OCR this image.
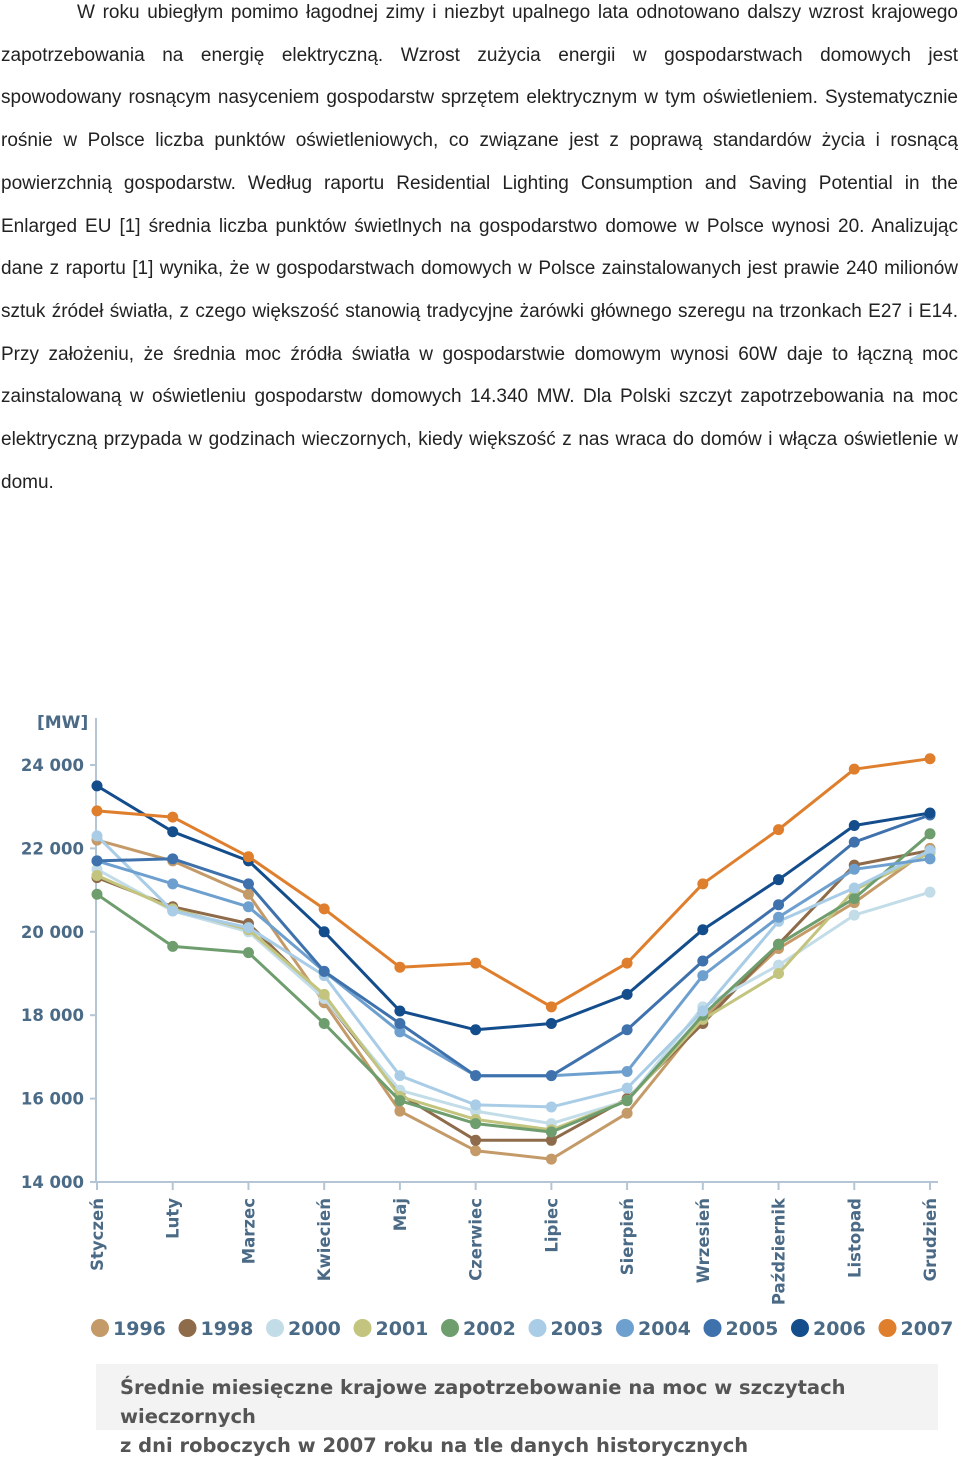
W roku ubiegłym pomimo łagodnej zimy i niezbyt upalnego lata odnotowano dalszy wzrost krajowego zapotrzebowania na energię elektryczną. Wzrost zużycia energii w gospodarstwach domowych jest spowodowany rosnącym nasyceniem gospodarstw sprzętem elektrycznym w tym oświetleniem. Systematycznie rośnie w Polsce liczba punktów oświetleniowych, co związane jest z poprawą standardów życia i rosnącą powierzchnią gospodarstw. Według raportu Residential Lighting Consumption and Saving Potential in the Enlarged EU [1] średnia liczba punktów świetlnych na gospodarstwo domowe w Polsce wynosi 20. Analizując dane z raportu [1] wynika, że w gospodarstwach domowych w Polsce zainstalowanych jest prawie 240 milionów sztuk źródeł światła, z czego większość stanowią tradycyjne żarówki głównego szeregu na trzonkach E27 i E14. Przy założeniu, że średnia moc źródła światła w gospodarstwie domowym wynosi 60W daje to łączną moc zainstalowaną w oświetleniu gospodarstw domowych 14.340 MW. Dla Polski szczyt zapotrzebowania na moc elektryczną przypada w godzinach wieczornych, kiedy większość z nas wraca do domów i włącza oświetlenie w domu.

[MW]
14 000
16 000
18 000
20 000
22 000
24 000
Styczeń	Luty	Marzec	Kwiecień	Maj	Czerwiec	Lipiec	Sierpień	Wrzesień	Październik	Listopad	Grudzień
1996 1998 2000 2001 2002 2003 2004 2005 2006 2007
Średnie miesięczne krajowe zapotrzebowanie na moc w szczytach wieczornych
z dni roboczych w 2007 roku na tle danych historycznych
